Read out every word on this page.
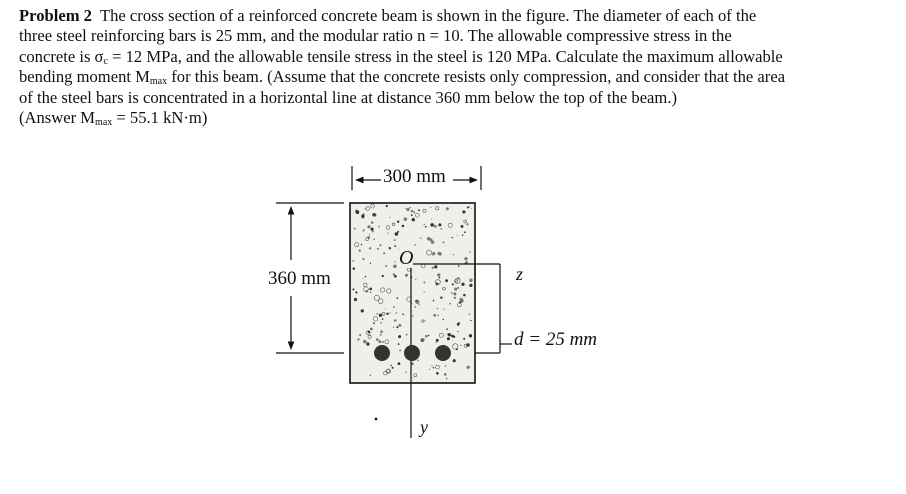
Problem 2 The cross section of a reinforced concrete beam is shown in the figure. The diameter of each of the
three steel reinforcing bars is 25 mm, and the modular ratio n = 10. The allowable compressive stress in the
concrete is $\sigma_c = 12$ MPa, and the allowable tensile stress in the steel is 120 MPa. Calculate the maximum allowable
bending moment $M_{max}$ for this beam. (Assume that the concrete resists only compression, and consider that the area
of the steel bars is concentrated in a horizontal line at distance 360 mm below the top of the beam.)
(Answer $M_{max} = 55.1$ kN·m)
300 mm
360 mm
O
z
y
d = 25 mm
